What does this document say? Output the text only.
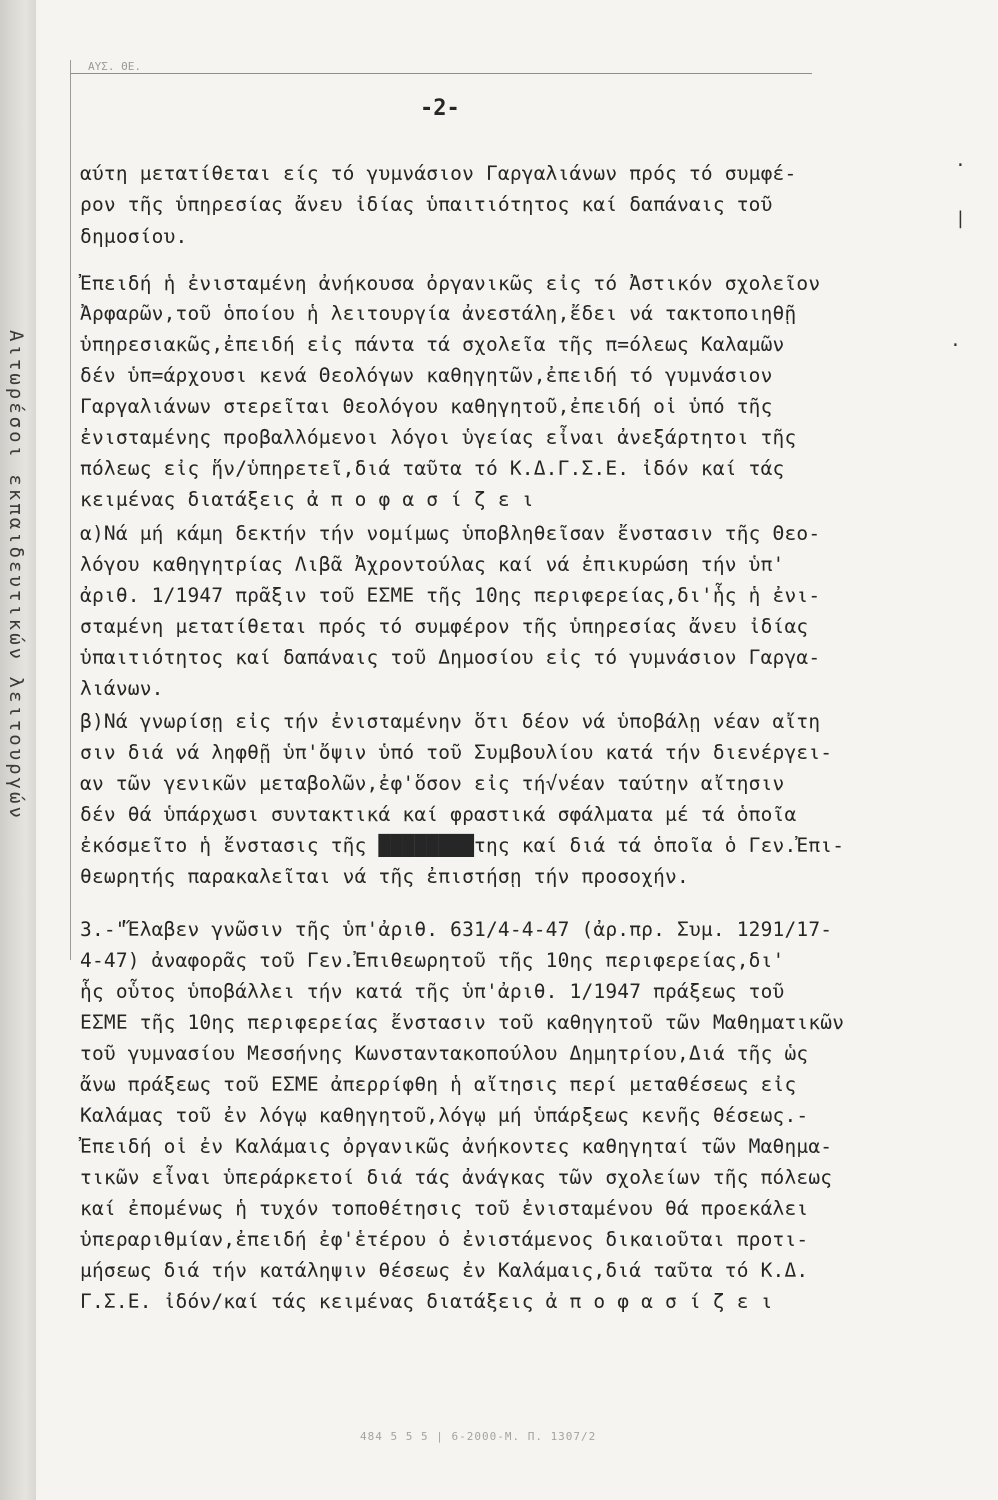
Αιτωρέσοι εκπαιδευτικών λειτουργών
ΑΥΣ. ΘΕ.
-2-
αύτη μετατίθεται είς τό γυμνάσιον Γαργαλιάνων πρός τό συμφέ-
ρον τῆς ὑπηρεσίας ἄνευ ἰδίας ὑπαιτιότητος καί δαπάναις τοῦ
δημοσίου.
Ἐπειδή ἡ ἐνισταμένη ἀνήκουσα ὀργανικῶς εἰς τό Ἀστικόν σχολεῖον
Ἀρφαρῶν,τοῦ ὁποίου ἡ λειτουργία ἀνεστάλη,ἔδει νά τακτοποιηθῇ
ὑπηρεσιακῶς,ἐπειδή εἰς πάντα τά σχολεῖα τῆς π=όλεως Καλαμῶν
δέν ὑπ=άρχουσι κενά Θεολόγων καθηγητῶν,ἐπειδή τό γυμνάσιον
Γαργαλιάνων στερεῖται Θεολόγου καθηγητοῦ,ἐπειδή οἱ ὑπό τῆς
ἐνισταμένης προβαλλόμενοι λόγοι ὑγείας εἶναι ἀνεξάρτητοι τῆς
πόλεως εἰς ἥν/ὑπηρετεῖ,διά ταῦτα τό Κ.Δ.Γ.Σ.Ε. ἰδόν καί τάς
κειμένας διατάξεις ἀ π ο φ α σ ί ζ ε ι
α)Νά μή κάμη δεκτήν τήν νομίμως ὑποβληθεῖσαν ἔνστασιν τῆς Θεο-
λόγου καθηγητρίας Λιβᾶ Ἀχροντούλας καί νά ἐπικυρώση τήν ὑπ'
ἀριθ. 1/1947 πρᾶξιν τοῦ ΕΣΜΕ τῆς 10ης περιφερείας,δι'ἧς ἡ ἐνι-
σταμένη μετατίθεται πρός τό συμφέρον τῆς ὑπηρεσίας ἄνευ ἰδίας
ὑπαιτιότητος καί δαπάναις τοῦ Δημοσίου εἰς τό γυμνάσιον Γαργα-
λιάνων.
β)Νά γνωρίσῃ εἰς τήν ἐνισταμένην ὅτι δέον νά ὑποβάλῃ νέαν αἴτη
σιν διά νά ληφθῇ ὑπ'ὄψιν ὑπό τοῦ Συμβουλίου κατά τήν διενέργει-
αν τῶν γενικῶν μεταβολῶν,ἐφ'ὅσον εἰς τή√νέαν ταύτην αἴτησιν
δέν θά ὑπάρχωσι συντακτικά καί φραστικά σφάλματα μέ τά ὁποῖα
ἐκόσμεῖτο ἡ ἔνστασις τῆς ████████της καί διά τά ὁποῖα ὁ Γεν.Ἐπι-
θεωρητής παρακαλεῖται νά τῆς ἐπιστήσῃ τήν προσοχήν.
3.-"Ἔλαβεν γνῶσιν τῆς ὑπ'ἀριθ. 631/4-4-47 (ἀρ.πρ. Συμ. 1291/17-
4-47) ἀναφορᾶς τοῦ Γεν.Ἐπιθεωρητοῦ τῆς 10ης περιφερείας,δι'
ἧς οὗτος ὑποβάλλει τήν κατά τῆς ὑπ'ἀριθ. 1/1947 πράξεως τοῦ
ΕΣΜΕ τῆς 10ης περιφερείας ἔνστασιν τοῦ καθηγητοῦ τῶν Μαθηματικῶν
τοῦ γυμνασίου Μεσσήνης Κωνσταντακοπούλου Δημητρίου,Διά τῆς ὡς
ἄνω πράξεως τοῦ ΕΣΜΕ ἀπερρίφθη ἡ αἴτησις περί μεταθέσεως εἰς
Καλάμας τοῦ ἐν λόγῳ καθηγητοῦ,λόγῳ μή ὑπάρξεως κενῆς θέσεως.-
Ἐπειδή οἱ ἐν Καλάμαις ὀργανικῶς ἀνήκοντες καθηγηταί τῶν Μαθημα-
τικῶν εἶναι ὑπεράρκετοί διά τάς ἀνάγκας τῶν σχολείων τῆς πόλεως
καί ἐπομένως ἡ τυχόν τοποθέτησις τοῦ ἐνισταμένου θά προεκάλει
ὑπεραριθμίαν,ἐπειδή ἐφ'ἑτέρου ὁ ἐνιστάμενος δικαιοῦται προτι-
μήσεως διά τήν κατάληψιν θέσεως ἐν Καλάμαις,διά ταῦτα τό Κ.Δ.
Γ.Σ.Ε. ἰδόν/καί τάς κειμένας διατάξεις ἀ π ο φ α σ ί ζ ε ι
.
|
.
484 5 5 5 | 6-2000-Μ. Π. 1307/2
